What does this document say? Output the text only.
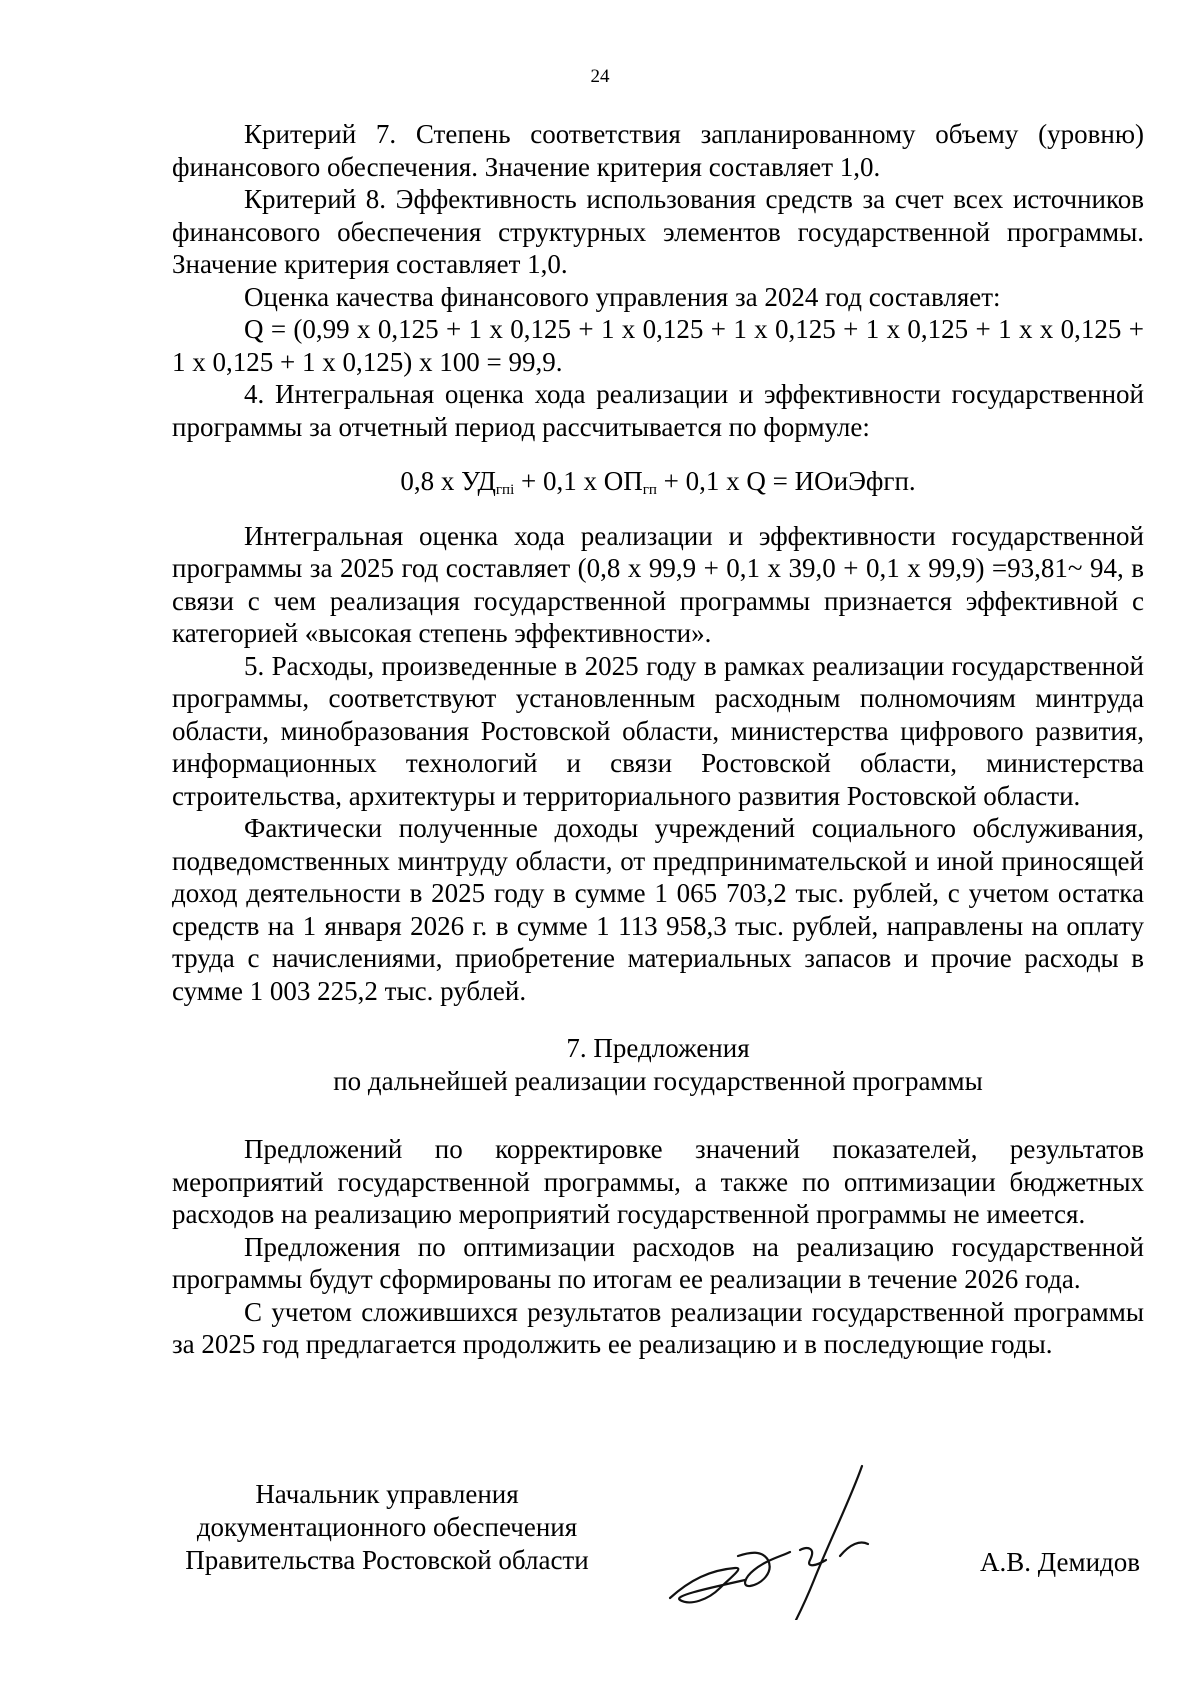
24

Критерий 7. Степень соответствия запланированному объему (уровню) финансового обеспечения. Значение критерия составляет 1,0.

Критерий 8. Эффективность использования средств за счет всех источников финансового обеспечения структурных элементов государственной программы. Значение критерия составляет 1,0.

Оценка качества финансового управления за 2024 год составляет:

Q = (0,99 х 0,125 + 1 х 0,125 + 1 х 0,125 + 1 х 0,125 + 1 х 0,125 + 1 х х 0,125 + 1 х 0,125 + 1 х 0,125) х 100 = 99,9.

4. Интегральная оценка хода реализации и эффективности государственной программы за отчетный период рассчитывается по формуле:

0,8 х $УД_{гпi} + 0,1$ х $ОП_{гп} + 0,1$ х Q = ИОиЭфгп.

Интегральная оценка хода реализации и эффективности государственной программы за 2025 год составляет (0,8 х 99,9 + 0,1 х 39,0 + 0,1 х 99,9) =93,81~ 94, в связи с чем реализация государственной программы признается эффективной с категорией «высокая степень эффективности».

5. Расходы, произведенные в 2025 году в рамках реализации государственной программы, соответствуют установленным расходным полномочиям минтруда области, минобразования Ростовской области, министерства цифрового развития, информационных технологий и связи Ростовской области, министерства строительства, архитектуры и территориального развития Ростовской области.

Фактически полученные доходы учреждений социального обслуживания, подведомственных минтруду области, от предпринимательской и иной приносящей доход деятельности в 2025 году в сумме 1 065 703,2 тыс. рублей, с учетом остатка средств на 1 января 2026 г. в сумме 1 113 958,3 тыс. рублей, направлены на оплату труда с начислениями, приобретение материальных запасов и прочие расходы в сумме 1 003 225,2 тыс. рублей.

7. Предложения
по дальнейшей реализации государственной программы

Предложений по корректировке значений показателей, результатов мероприятий государственной программы, а также по оптимизации бюджетных расходов на реализацию мероприятий государственной программы не имеется.

Предложения по оптимизации расходов на реализацию государственной программы будут сформированы по итогам ее реализации в течение 2026 года.

С учетом сложившихся результатов реализации государственной программы за 2025 год предлагается продолжить ее реализацию и в последующие годы.

Начальник управления
документационного обеспечения
Правительства Ростовской области	А.В. Демидов
